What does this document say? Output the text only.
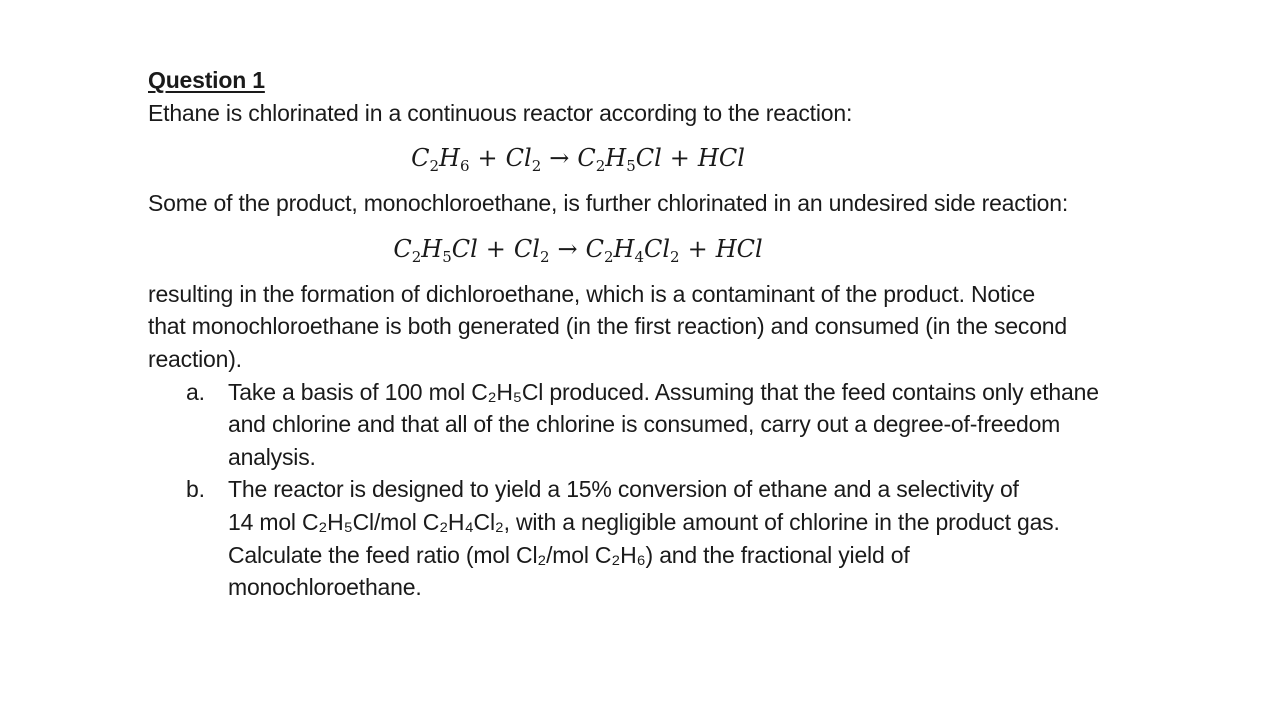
Question 1

Ethane is chlorinated in a continuous reactor according to the reaction:

$C_2H_6 + Cl_2 \to C_2H_5Cl$ + HCl

Some of the product, monochloroethane, is further chlorinated in an undesired side reaction:

$C_2H_5Cl + Cl_2 \to C_2H_4Cl_2$ + HCl

resulting in the formation of dichloroethane, which is a contaminant of the product. Notice
that monochloroethane is both generated (in the first reaction) and consumed (in the second
reaction).

a. Take a basis of 100 mol C₂H₅Cl produced. Assuming that the feed contains only ethane
and chlorine and that all of the chlorine is consumed, carry out a degree-of-freedom
analysis.
b. The reactor is designed to yield a 15% conversion of ethane and a selectivity of
14 mol C₂H₅Cl/mol C₂H₄Cl₂, with a negligible amount of chlorine in the product gas.
Calculate the feed ratio (mol Cl₂/mol C₂H₆) and the fractional yield of
monochloroethane.
